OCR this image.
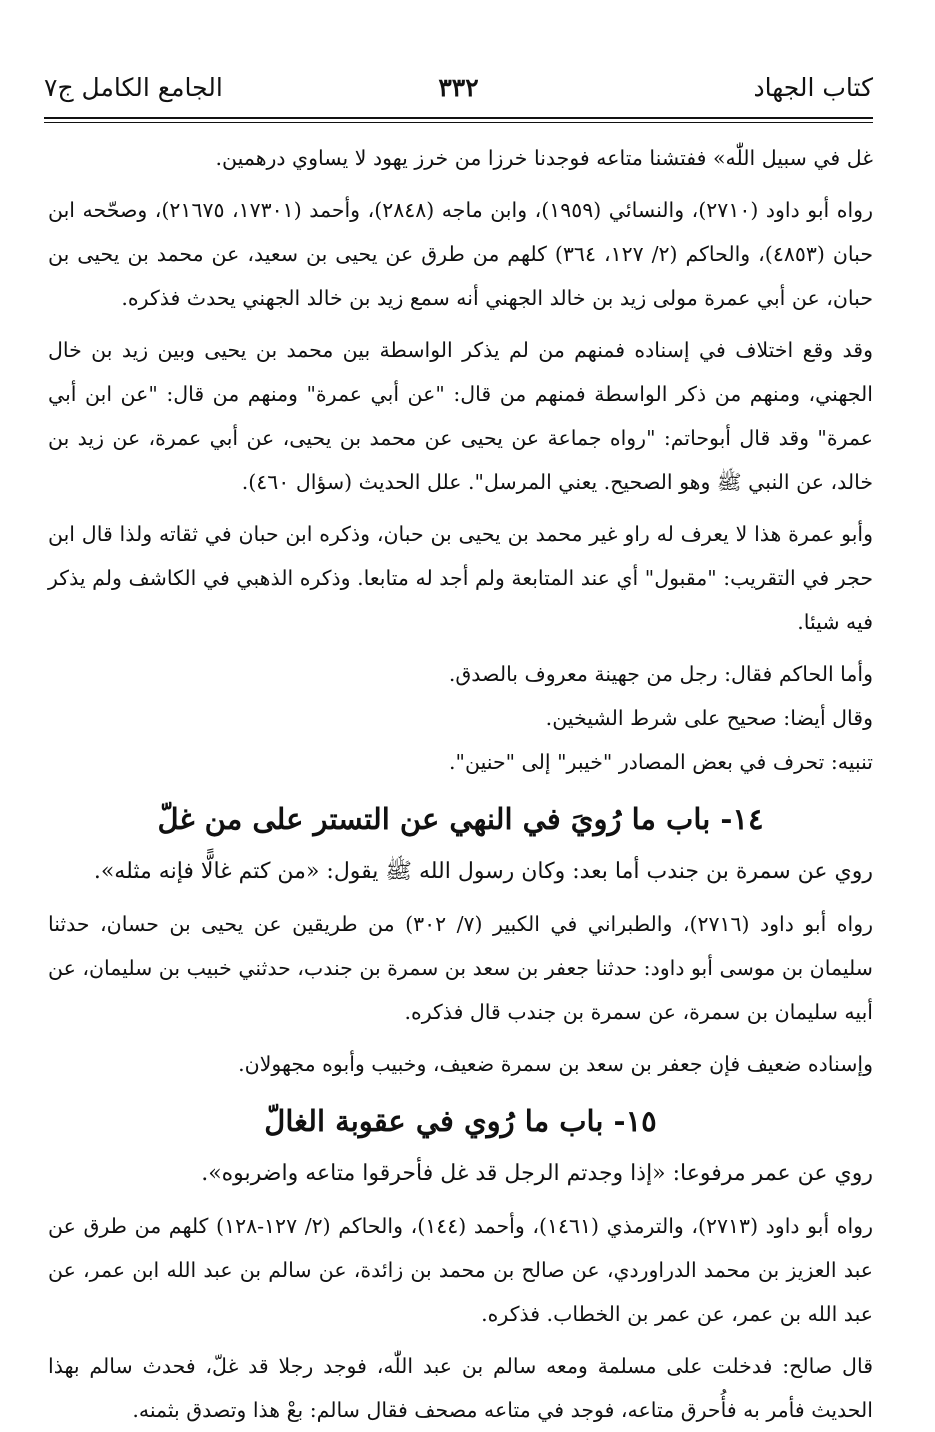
كتاب الجهاد
٣٣٢
الجامع الكامل ج٧

غل في سبيل اللّٰه» ففتشنا متاعه فوجدنا خرزا من خرز يهود لا يساوي درهمين.

رواه أبو داود (٢٧١٠)، والنسائي (١٩٥٩)، وابن ماجه (٢٨٤٨)، وأحمد (١٧٣٠١، ٢١٦٧٥)، وصحّحه ابن حبان (٤٨٥٣)، والحاكم (٢/ ١٢٧، ٣٦٤) كلهم من طرق عن يحيى بن سعيد، عن محمد بن يحيى بن حبان، عن أبي عمرة مولى زيد بن خالد الجهني أنه سمع زيد بن خالد الجهني يحدث فذكره.

وقد وقع اختلاف في إسناده فمنهم من لم يذكر الواسطة بين محمد بن يحيى وبين زيد بن خال الجهني، ومنهم من ذكر الواسطة فمنهم من قال: "عن أبي عمرة" ومنهم من قال: "عن ابن أبي عمرة" وقد قال أبوحاتم: "رواه جماعة عن يحيى عن محمد بن يحيى، عن أبي عمرة، عن زيد بن خالد، عن النبي ﷺ وهو الصحيح. يعني المرسل". علل الحديث (سؤال ٤٦٠).

وأبو عمرة هذا لا يعرف له راو غير محمد بن يحيى بن حبان، وذكره ابن حبان في ثقاته ولذا قال ابن حجر في التقريب: "مقبول" أي عند المتابعة ولم أجد له متابعا. وذكره الذهبي في الكاشف ولم يذكر فيه شيئا.

وأما الحاكم فقال: رجل من جهينة معروف بالصدق.

وقال أيضا: صحيح على شرط الشيخين.

تنبيه: تحرف في بعض المصادر "خيبر" إلى "حنين".

١٤- باب ما رُويَ في النهي عن التستر على من غلّ

روي عن سمرة بن جندب أما بعد: وكان رسول الله ﷺ يقول: «من كتم غالًّا فإنه مثله».

رواه أبو داود (٢٧١٦)، والطبراني في الكبير (٧/ ٣٠٢) من طريقين عن يحيى بن حسان، حدثنا سليمان بن موسى أبو داود: حدثنا جعفر بن سعد بن سمرة بن جندب، حدثني خبيب بن سليمان، عن أبيه سليمان بن سمرة، عن سمرة بن جندب قال فذكره.

وإسناده ضعيف فإن جعفر بن سعد بن سمرة ضعيف، وخبيب وأبوه مجهولان.

١٥- باب ما رُوي في عقوبة الغالّ

روي عن عمر مرفوعا: «إذا وجدتم الرجل قد غل فأحرقوا متاعه واضربوه».

رواه أبو داود (٢٧١٣)، والترمذي (١٤٦١)، وأحمد (١٤٤)، والحاكم (٢/ ١٢٧-١٢٨) كلهم من طرق عن عبد العزيز بن محمد الدراوردي، عن صالح بن محمد بن زائدة، عن سالم بن عبد الله ابن عمر، عن عبد الله بن عمر، عن عمر بن الخطاب. فذكره.

قال صالح: فدخلت على مسلمة ومعه سالم بن عبد اللّٰه، فوجد رجلا قد غلّ، فحدث سالم بهذا الحديث فأمر به فأُحرق متاعه، فوجد في متاعه مصحف فقال سالم: بعْ هذا وتصدق بثمنه.
